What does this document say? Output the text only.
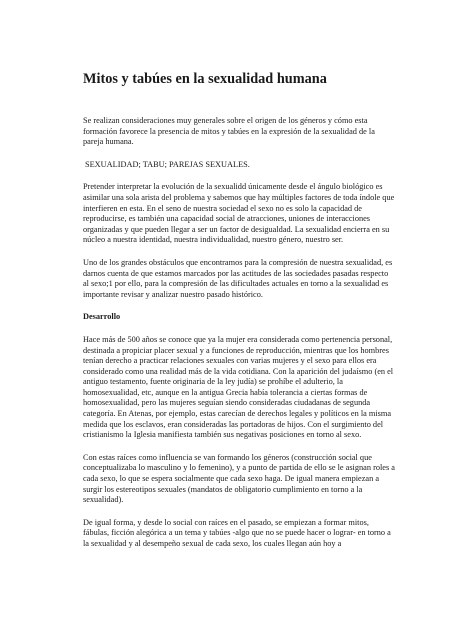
Mitos y tabúes en la sexualidad humana

Se realizan consideraciones muy generales sobre el origen de los géneros y cómo esta formación favorece la presencia de mitos y tabúes en la expresión de la sexualidad de la pareja humana.

SEXUALIDAD; TABU; PAREJAS SEXUALES.

Pretender interpretar la evolución de la sexualidd únicamente desde el ángulo biológico es asimilar una sola arista del problema y sabemos que hay múltiples factores de toda índole que interfieren en esta. En el seno de nuestra sociedad el sexo no es solo la capacidad de reproducirse, es también una capacidad social de atracciones, uniones de interacciones organizadas y que pueden llegar a ser un factor de desigualdad. La sexualidad encierra en su núcleo a nuestra identidad, nuestra individualidad, nuestro género, nuestro ser.

Uno de los grandes obstáculos que encontramos para la compresión de nuestra sexualidad, es darnos cuenta de que estamos marcados por las actitudes de las sociedades pasadas respecto al sexo;1 por ello, para la compresión de las dificultades actuales en torno a la sexualidad es importante revisar y analizar nuestro pasado histórico.

Desarrollo

Hace más de 500 años se conoce que ya la mujer era considerada como pertenencia personal, destinada a propiciar placer sexual y a funciones de reproducción, mientras que los hombres tenían derecho a practicar relaciones sexuales con varias mujeres y el sexo para ellos era considerado como una realidad más de la vida cotidiana. Con la aparición del judaísmo (en el antiguo testamento, fuente originaria de la ley judía) se prohíbe el adulterio, la homosexualidad, etc, aunque en la antigua Grecia había tolerancia a ciertas formas de homosexualidad, pero las mujeres seguían siendo consideradas ciudadanas de segunda categoría. En Atenas, por ejemplo, estas carecían de derechos legales y políticos en la misma medida que los esclavos, eran consideradas las portadoras de hijos. Con el surgimiento del cristianismo la Iglesia manifiesta también sus negativas posiciones en torno al sexo.

Con estas raíces como influencia se van formando los géneros (construcción social que conceptualizaba lo masculino y lo femenino), y a punto de partida de ello se le asignan roles a cada sexo, lo que se espera socialmente que cada sexo haga. De igual manera empiezan a surgir los estereotipos sexuales (mandatos de obligatorio cumplimiento en torno a la sexualidad).

De igual forma, y desde lo social con raíces en el pasado, se empiezan a formar mitos, fábulas, ficción alegórica a un tema y tabúes -algo que no se puede hacer o lograr- en torno a la sexualidad y al desempeño sexual de cada sexo, los cuales llegan aún hoy a
